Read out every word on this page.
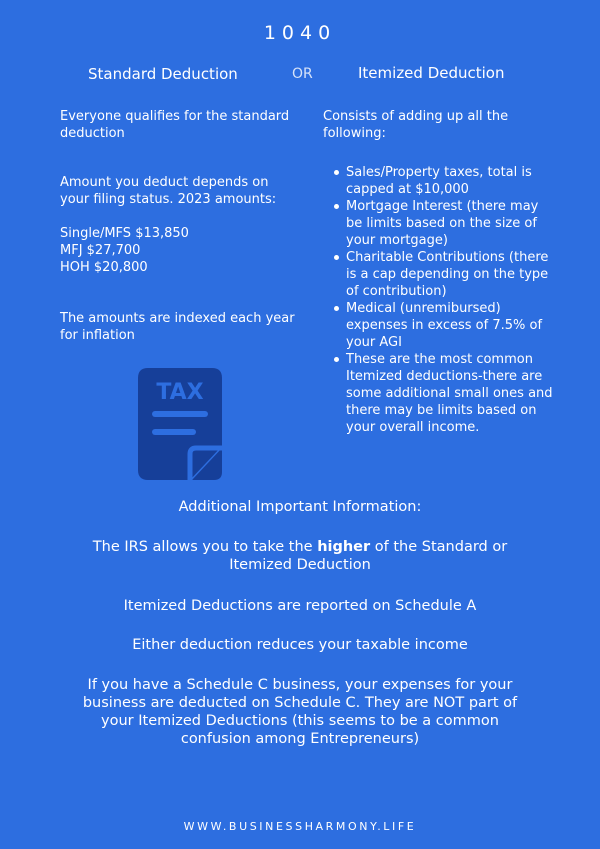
1040
Standard Deduction	OR	Itemized Deduction

Everyone qualifies for the standard deduction

Amount you deduct depends on your filing status. 2023 amounts:

Single/MFS $13,850

MFJ $27,700

HOH $20,800

The amounts are indexed each year for inflation

Consists of adding up all the following:

Sales/Property taxes, total is capped at $10,000
Mortgage Interest (there may be limits based on the size of your mortgage)
Charitable Contributions (there is a cap depending on the type of contribution)
Medical (unremibursed) expenses in excess of 7.5% of your AGI
These are the most common Itemized deductions-there are some additional small ones and there may be limits based on your overall income.
TAX
Additional Important Information:
The IRS allows you to take the higher of the Standard or Itemized Deduction
Itemized Deductions are reported on Schedule A
Either deduction reduces your taxable income
If you have a Schedule C business, your expenses for your business are deducted on Schedule C. They are NOT part of your Itemized Deductions (this seems to be a common confusion among Entrepreneurs)
WWW.BUSINESSHARMONY.LIFE
